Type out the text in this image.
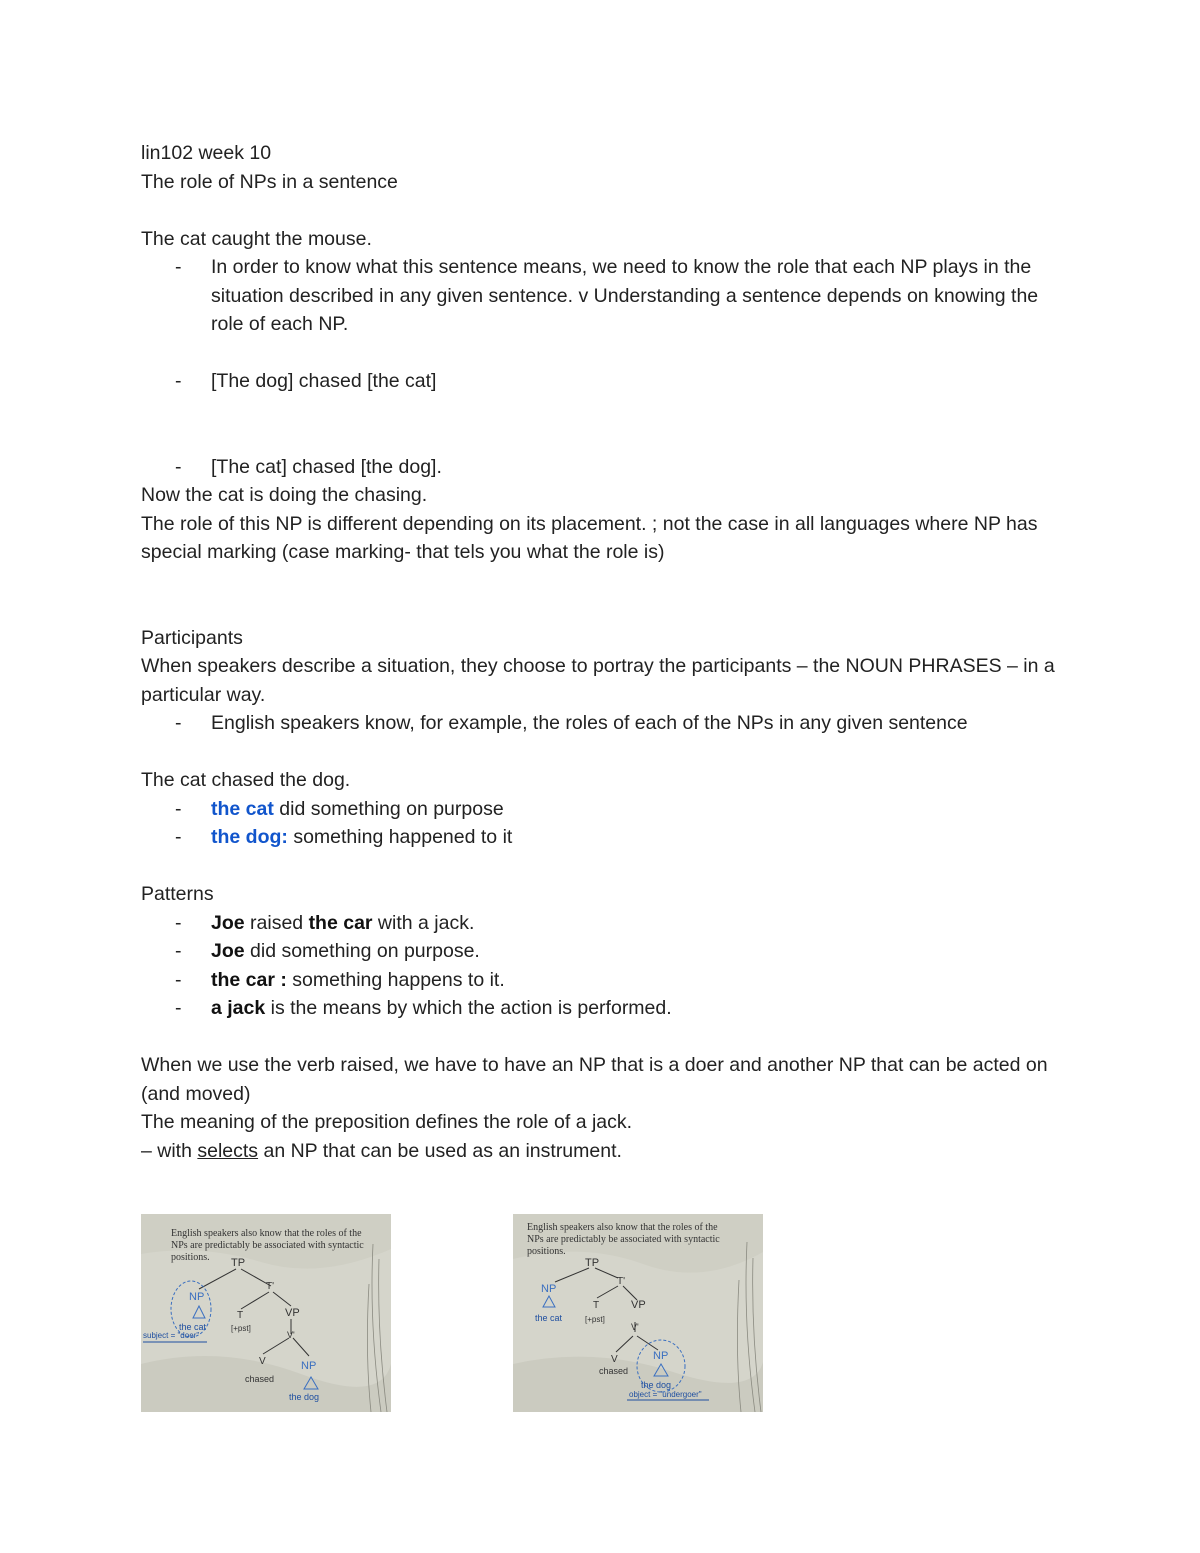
lin102 week 10

The role of NPs in a sentence

The cat caught the mouse.

- In order to know what this sentence means, we need to know the role that each NP plays in the situation described in any given sentence. v Understanding a sentence depends on knowing the role of each NP.
- [The dog] chased [the cat]
- [The cat] chased [the dog].

Now the cat is doing the chasing.

The role of this NP is different depending on its placement. ; not the case in all languages where NP has special marking (case marking- that tels you what the role is)

Participants

When speakers describe a situation, they choose to portray the participants – the NOUN PHRASES – in a particular way.

- English speakers know, for example, the roles of each of the NPs in any given sentence

The cat chased the dog.

- the cat did something on purpose
- the dog: something happened to it

Patterns

- Joe raised the car with a jack.
- Joe did something on purpose.
- the car : something happens to it.
- a jack is the means by which the action is performed.

When we use the verb raised, we have to have an NP that is a doer and another NP that can be acted on (and moved)

The meaning of the preposition defines the role of a jack.

– with selects an NP that can be used as an instrument.

English speakers also know that the roles of the
NPs are predictably be associated with syntactic
positions. TP
NP
T'
T
[+pst]
VP
V'
V
chased
NP
the cat
the dog
subject = "doer"
English speakers also know that the roles of the
NPs are predictably be associated with syntactic
positions.
TP
NP
T'
T
[+pst]
VP
V'
V
chased
NP
the cat
the dog
object = "undergoer"
